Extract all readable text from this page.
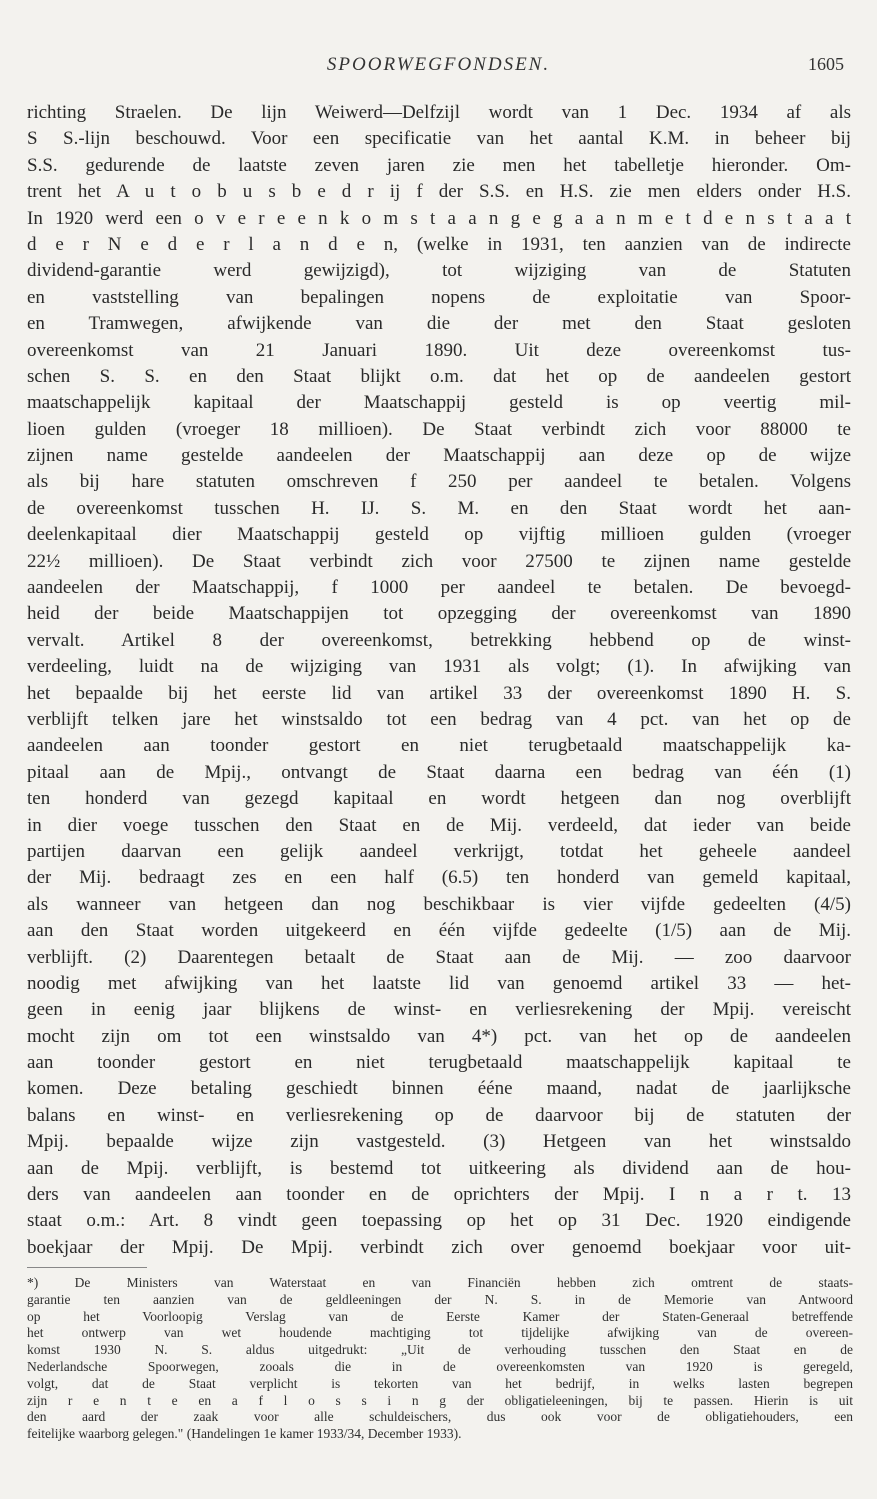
SPOORWEGFONDSEN.	1605
richting Straelen. De lijn Weiwerd—Delfzijl wordt van 1 Dec. 1934 af als
S S.-lijn beschouwd. Voor een specificatie van het aantal K.M. in beheer bij
S.S. gedurende de laatste zeven jaren zie men het tabelletje hieronder. Om-
trent het A u t o b u s b e d r ij f der S.S. en H.S. zie men elders onder H.S.
In 1920 werd een o v e r e e n k o m s t a a n g e g a a n m e t d e n s t a a t
d e r N e d e r l a n d e n, (welke in 1931, ten aanzien van de indirecte
dividend-garantie werd gewijzigd), tot wijziging van de Statuten
en vaststelling van bepalingen nopens de exploitatie van Spoor-
en Tramwegen, afwijkende van die der met den Staat gesloten
overeenkomst van 21 Januari 1890. Uit deze overeenkomst tus-
schen S. S. en den Staat blijkt o.m. dat het op de aandeelen gestort
maatschappelijk kapitaal der Maatschappij gesteld is op veertig mil-
lioen gulden (vroeger 18 millioen). De Staat verbindt zich voor 88000 te
zijnen name gestelde aandeelen der Maatschappij aan deze op de wijze
als bij hare statuten omschreven f 250 per aandeel te betalen. Volgens
de overeenkomst tusschen H. IJ. S. M. en den Staat wordt het aan-
deelenkapitaal dier Maatschappij gesteld op vijftig millioen gulden (vroeger
22½ millioen). De Staat verbindt zich voor 27500 te zijnen name gestelde
aandeelen der Maatschappij, f 1000 per aandeel te betalen. De bevoegd-
heid der beide Maatschappijen tot opzegging der overeenkomst van 1890
vervalt. Artikel 8 der overeenkomst, betrekking hebbend op de winst-
verdeeling, luidt na de wijziging van 1931 als volgt; (1). In afwijking van
het bepaalde bij het eerste lid van artikel 33 der overeenkomst 1890 H. S.
verblijft telken jare het winstsaldo tot een bedrag van 4 pct. van het op de
aandeelen aan toonder gestort en niet terugbetaald maatschappelijk ka-
pitaal aan de Mpij., ontvangt de Staat daarna een bedrag van één (1)
ten honderd van gezegd kapitaal en wordt hetgeen dan nog overblijft
in dier voege tusschen den Staat en de Mij. verdeeld, dat ieder van beide
partijen daarvan een gelijk aandeel verkrijgt, totdat het geheele aandeel
der Mij. bedraagt zes en een half (6.5) ten honderd van gemeld kapitaal,
als wanneer van hetgeen dan nog beschikbaar is vier vijfde gedeelten (4/5)
aan den Staat worden uitgekeerd en één vijfde gedeelte (1/5) aan de Mij.
verblijft. (2) Daarentegen betaalt de Staat aan de Mij. — zoo daarvoor
noodig met afwijking van het laatste lid van genoemd artikel 33 — het-
geen in eenig jaar blijkens de winst- en verliesrekening der Mpij. vereischt
mocht zijn om tot een winstsaldo van 4*) pct. van het op de aandeelen
aan toonder gestort en niet terugbetaald maatschappelijk kapitaal te
komen. Deze betaling geschiedt binnen ééne maand, nadat de jaarlijksche
balans en winst- en verliesrekening op de daarvoor bij de statuten der
Mpij. bepaalde wijze zijn vastgesteld. (3) Hetgeen van het winstsaldo
aan de Mpij. verblijft, is bestemd tot uitkeering als dividend aan de hou-
ders van aandeelen aan toonder en de oprichters der Mpij. I n a r t. 13
staat o.m.: Art. 8 vindt geen toepassing op het op 31 Dec. 1920 eindigende
boekjaar der Mpij. De Mpij. verbindt zich over genoemd boekjaar voor uit-
*) De Ministers van Waterstaat en van Financiën hebben zich omtrent de staats-
garantie ten aanzien van de geldleeningen der N. S. in de Memorie van Antwoord
op het Voorloopig Verslag van de Eerste Kamer der Staten-Generaal betreffende
het ontwerp van wet houdende machtiging tot tijdelijke afwijking van de overeen-
komst 1930 N. S. aldus uitgedrukt: „Uit de verhouding tusschen den Staat en de
Nederlandsche Spoorwegen, zooals die in de overeenkomsten van 1920 is geregeld,
volgt, dat de Staat verplicht is tekorten van het bedrijf, in welks lasten begrepen
zijn r e n t e en a f l o s s i n g der obligatieleeningen, bij te passen. Hierin is uit
den aard der zaak voor alle schuldeischers, dus ook voor de obligatiehouders, een
feitelijke waarborg gelegen." (Handelingen 1e kamer 1933/34, December 1933).
